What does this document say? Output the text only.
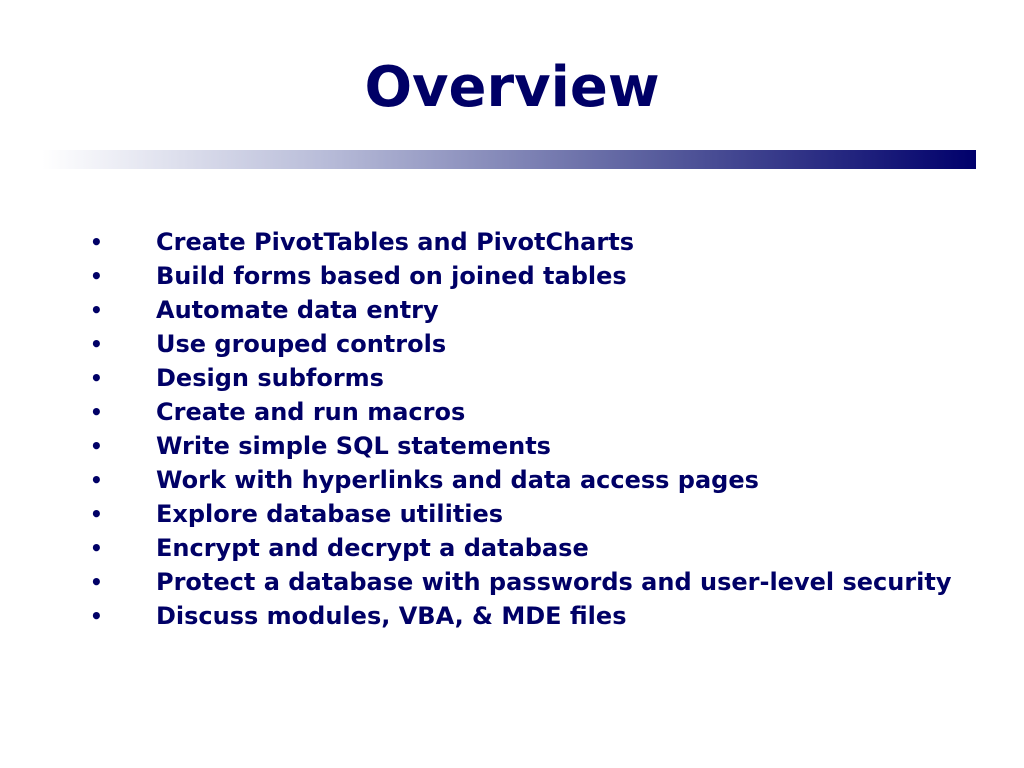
Overview
•	Create PivotTables and PivotCharts
•	Build forms based on joined tables
•	Automate data entry
•	Use grouped controls
•	Design subforms
•	Create and run macros
•	Write simple SQL statements
•	Work with hyperlinks and data access pages
•	Explore database utilities
•	Encrypt and decrypt a database
•	Protect a database with passwords and user-level security
•	Discuss modules, VBA, & MDE files
